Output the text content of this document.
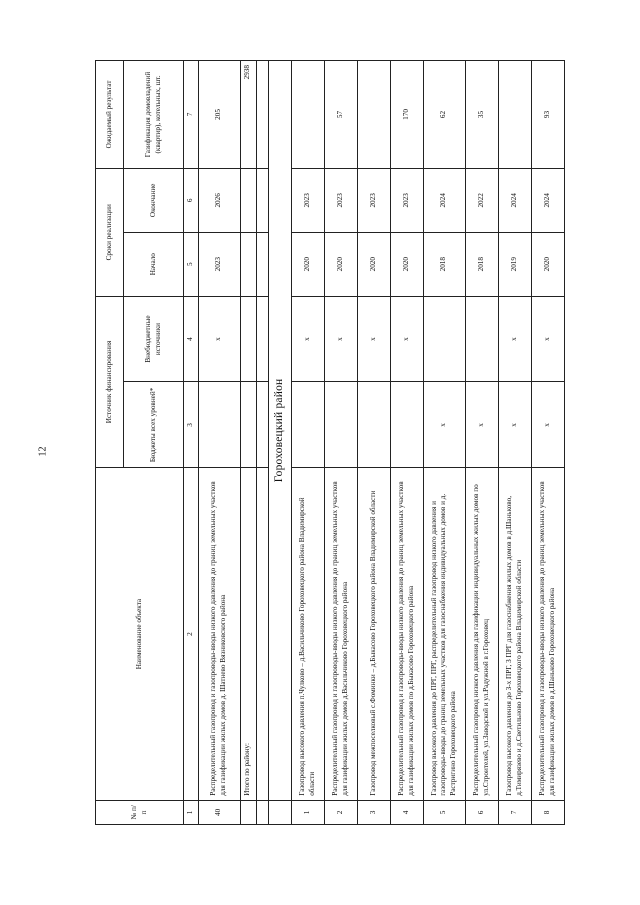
12
№ п/п	Наименование объекта	Источник финансирования		Сроки реализации		Ожидаемый результат
		Бюджеты всех уровней*	Внебюджетные источники	Начало	Окончание	Газификация домовладений (квартир), котельных, шт.
1	2	3	4	5	6	7
40	Распределительный газопровод и газопроводы-вводы низкого давления до границ земельных участков для газификации жилых домов д. Шатнево Вязниковского района		х	2023	2026	205
	Итого по району:					2938

	Гороховецкий район					
1	Газопровод высокого давления п.Чулково – д.Васильчиково Гороховецкого района Владимирской области		х	2020	2023	
2	Распределительный газопровод и газопроводы-вводы низкого давления до границ земельных участков для газификации жилых домов д.Васильчиково Гороховецкого района		х	2020	2023	57
3	Газопровод межпоселковый с.Фоминки – д.Быкасово Гороховецкого района Владимирской области		х	2020	2023	
4	Распределительный газопровод и газопроводы-вводы низкого давления до границ земельных участков для газификации жилых домов по д.Быкасово Гороховецкого района		х	2020	2023	170
5	Газопровод высокого давления до ПРГ, ПРГ, распределительный газопровод низкого давления и газопроводы-вводы до границ земельных участков для газоснабжения индивидуальных домов и д. Растригино Гороховецкого района	х		2018	2024	62
6	Распределительный газопровод низкого давления для газификации индивидуальных жилых домов по ул.Строителей, ул.Заводской и ул.Радужной в г.Гороховец	х		2018	2022	35
7	Газопровод высокого давления до 3-х ПРГ, 3 ПРГ для газоснабжения жилых домов в д.Шаньково, д.Тимирязево и д.Светильново Гороховецкого района Владимирской области	х	х	2019	2024	
8	Распределительный газопровод и газопроводы-вводы низкого давления до границ земельных участков для газификации жилых домов в д.Шаньково Гороховецкого района	х	х	2020	2024	93
